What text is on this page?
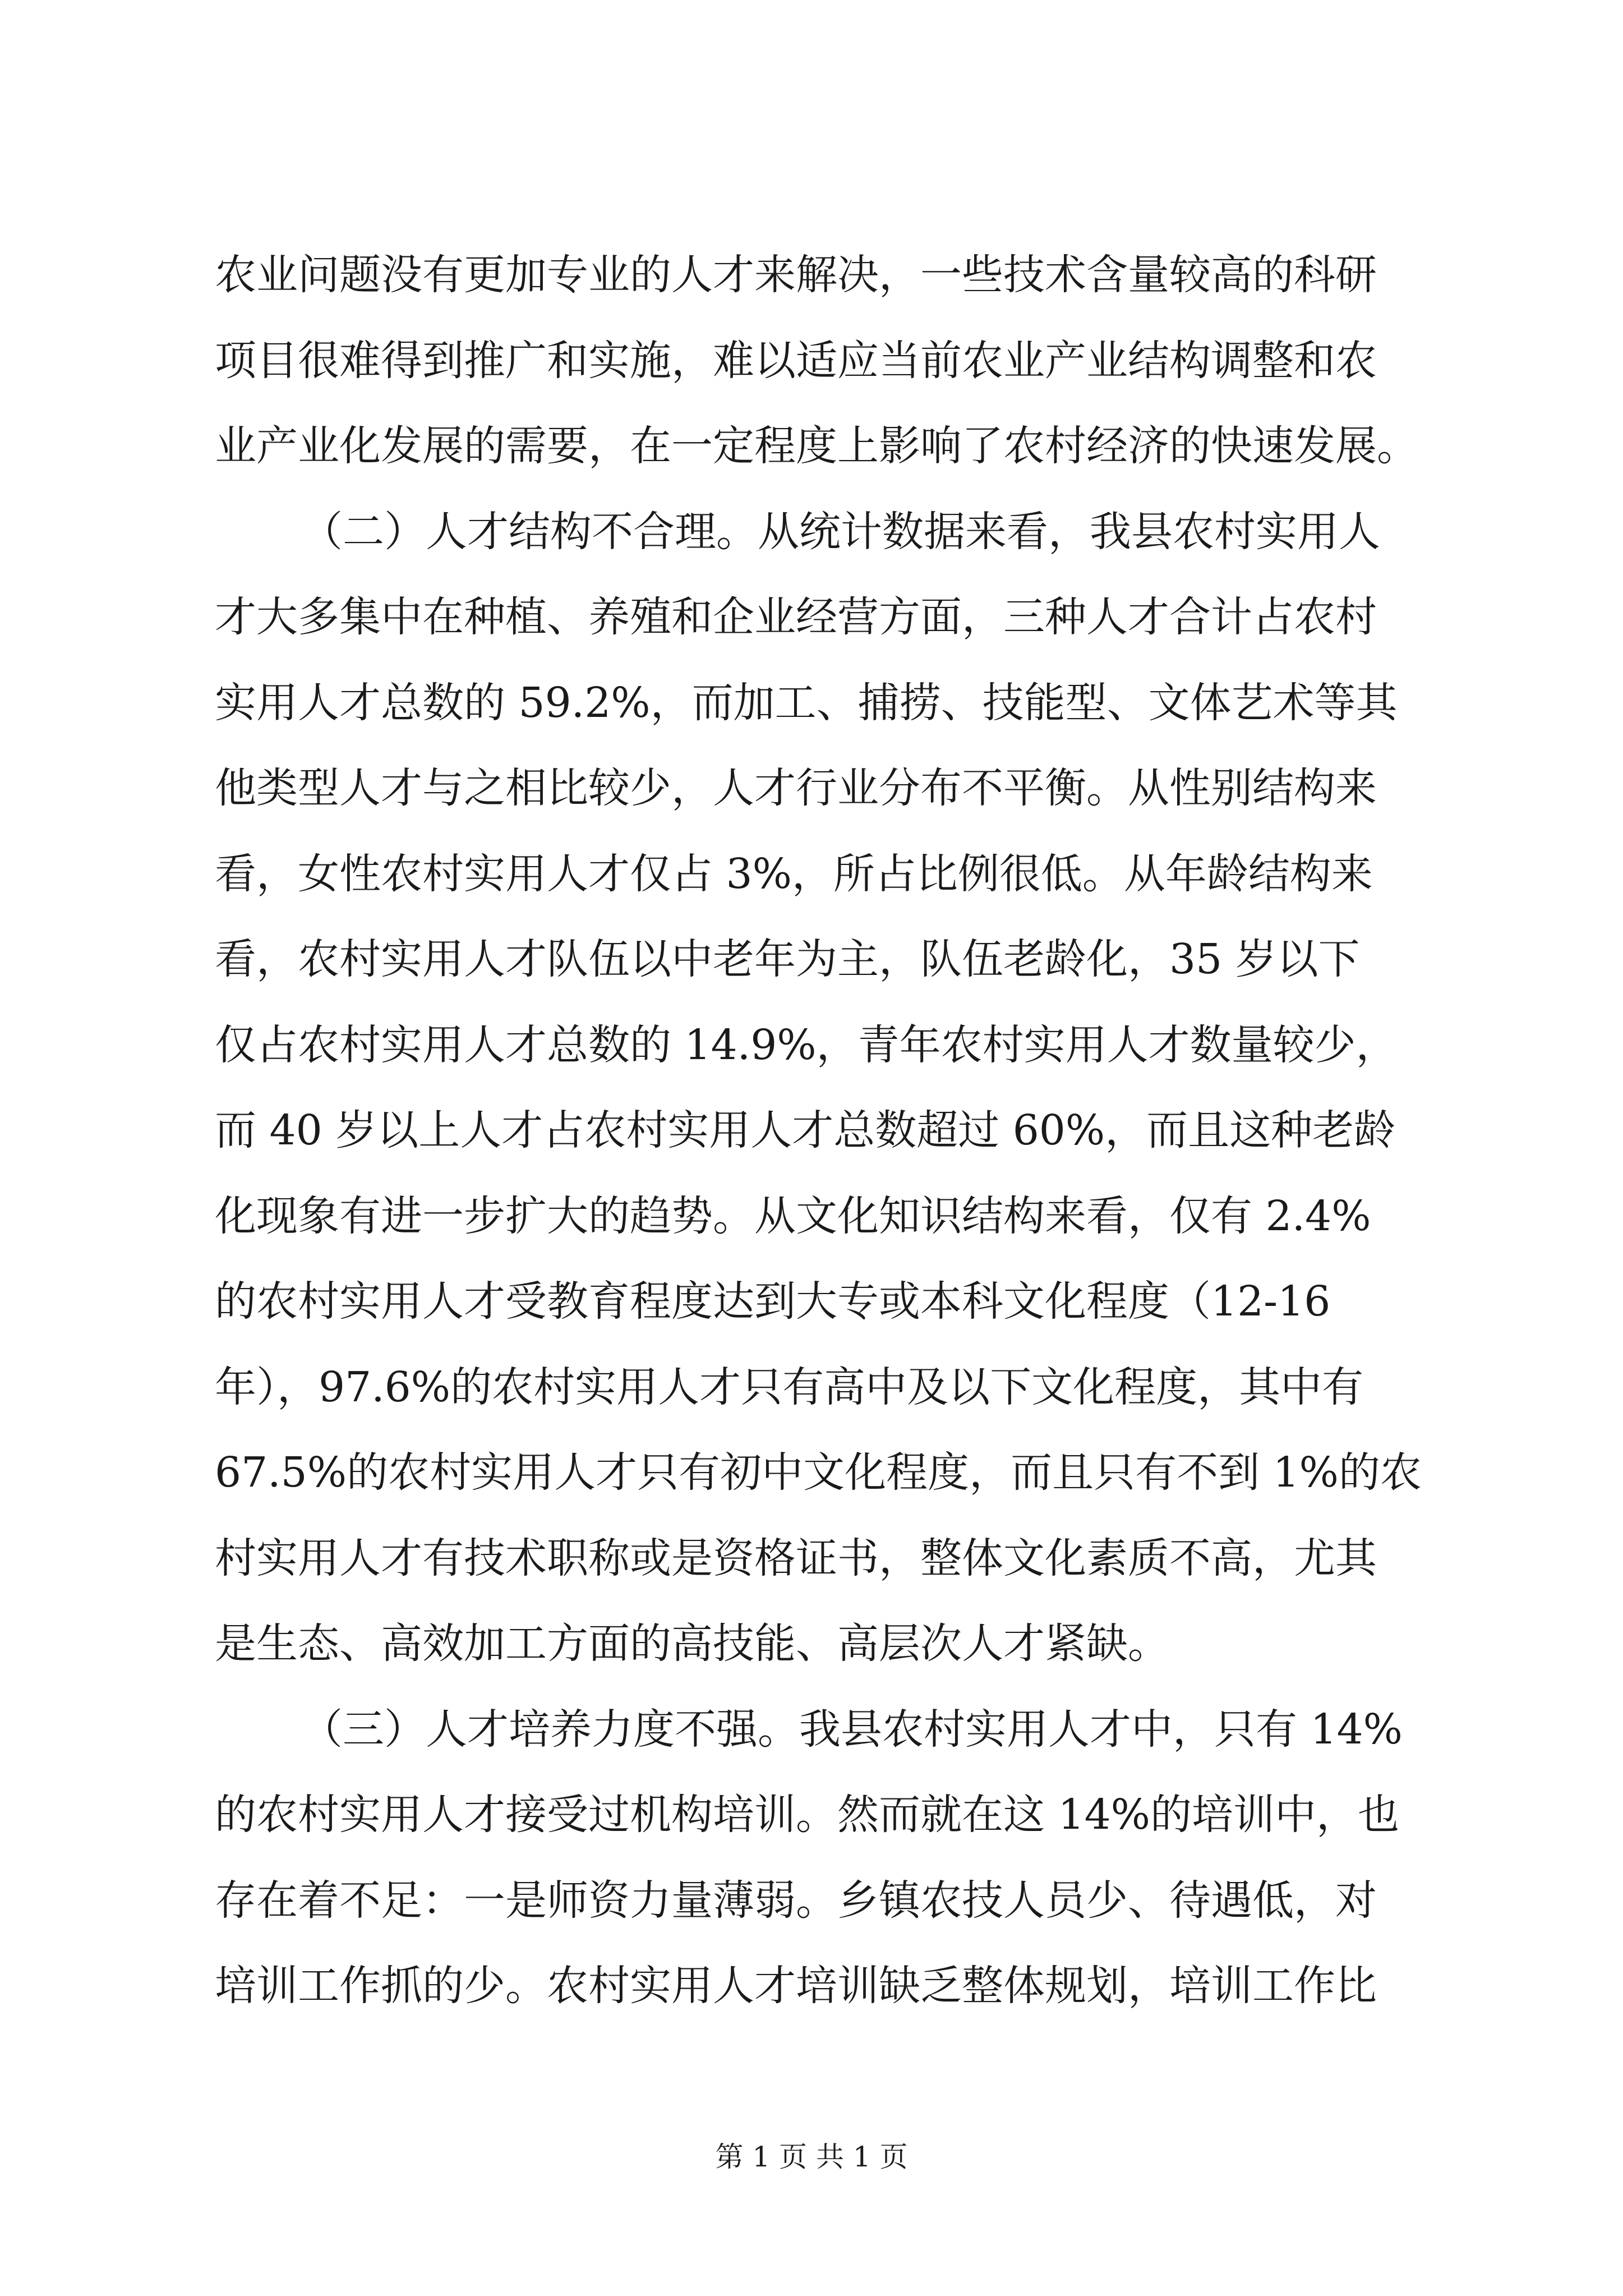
农业问题没有更加专业的人才来解决，一些技术含量较高的科研

项目很难得到推广和实施，难以适应当前农业产业结构调整和农

业产业化发展的需要，在一定程度上影响了农村经济的快速发展。

（二）人才结构不合理。从统计数据来看，我县农村实用人

才大多集中在种植、养殖和企业经营方面，三种人才合计占农村

实用人才总数的 59.2%，而加工、捕捞、技能型、文体艺术等其

他类型人才与之相比较少，人才行业分布不平衡。从性别结构来

看，女性农村实用人才仅占 3%，所占比例很低。从年龄结构来

看，农村实用人才队伍以中老年为主，队伍老龄化，35 岁以下

仅占农村实用人才总数的 14.9%，青年农村实用人才数量较少，

而 40 岁以上人才占农村实用人才总数超过 60%，而且这种老龄

化现象有进一步扩大的趋势。从文化知识结构来看，仅有 2.4%

的农村实用人才受教育程度达到大专或本科文化程度（12-16

年），97.6%的农村实用人才只有高中及以下文化程度，其中有

67.5%的农村实用人才只有初中文化程度，而且只有不到 1%的农

村实用人才有技术职称或是资格证书，整体文化素质不高，尤其

是生态、高效加工方面的高技能、高层次人才紧缺。

（三）人才培养力度不强。我县农村实用人才中，只有 14%

的农村实用人才接受过机构培训。然而就在这 14%的培训中，也

存在着不足：一是师资力量薄弱。乡镇农技人员少、待遇低，对

培训工作抓的少。农村实用人才培训缺乏整体规划，培训工作比

第 1 页 共 1 页
